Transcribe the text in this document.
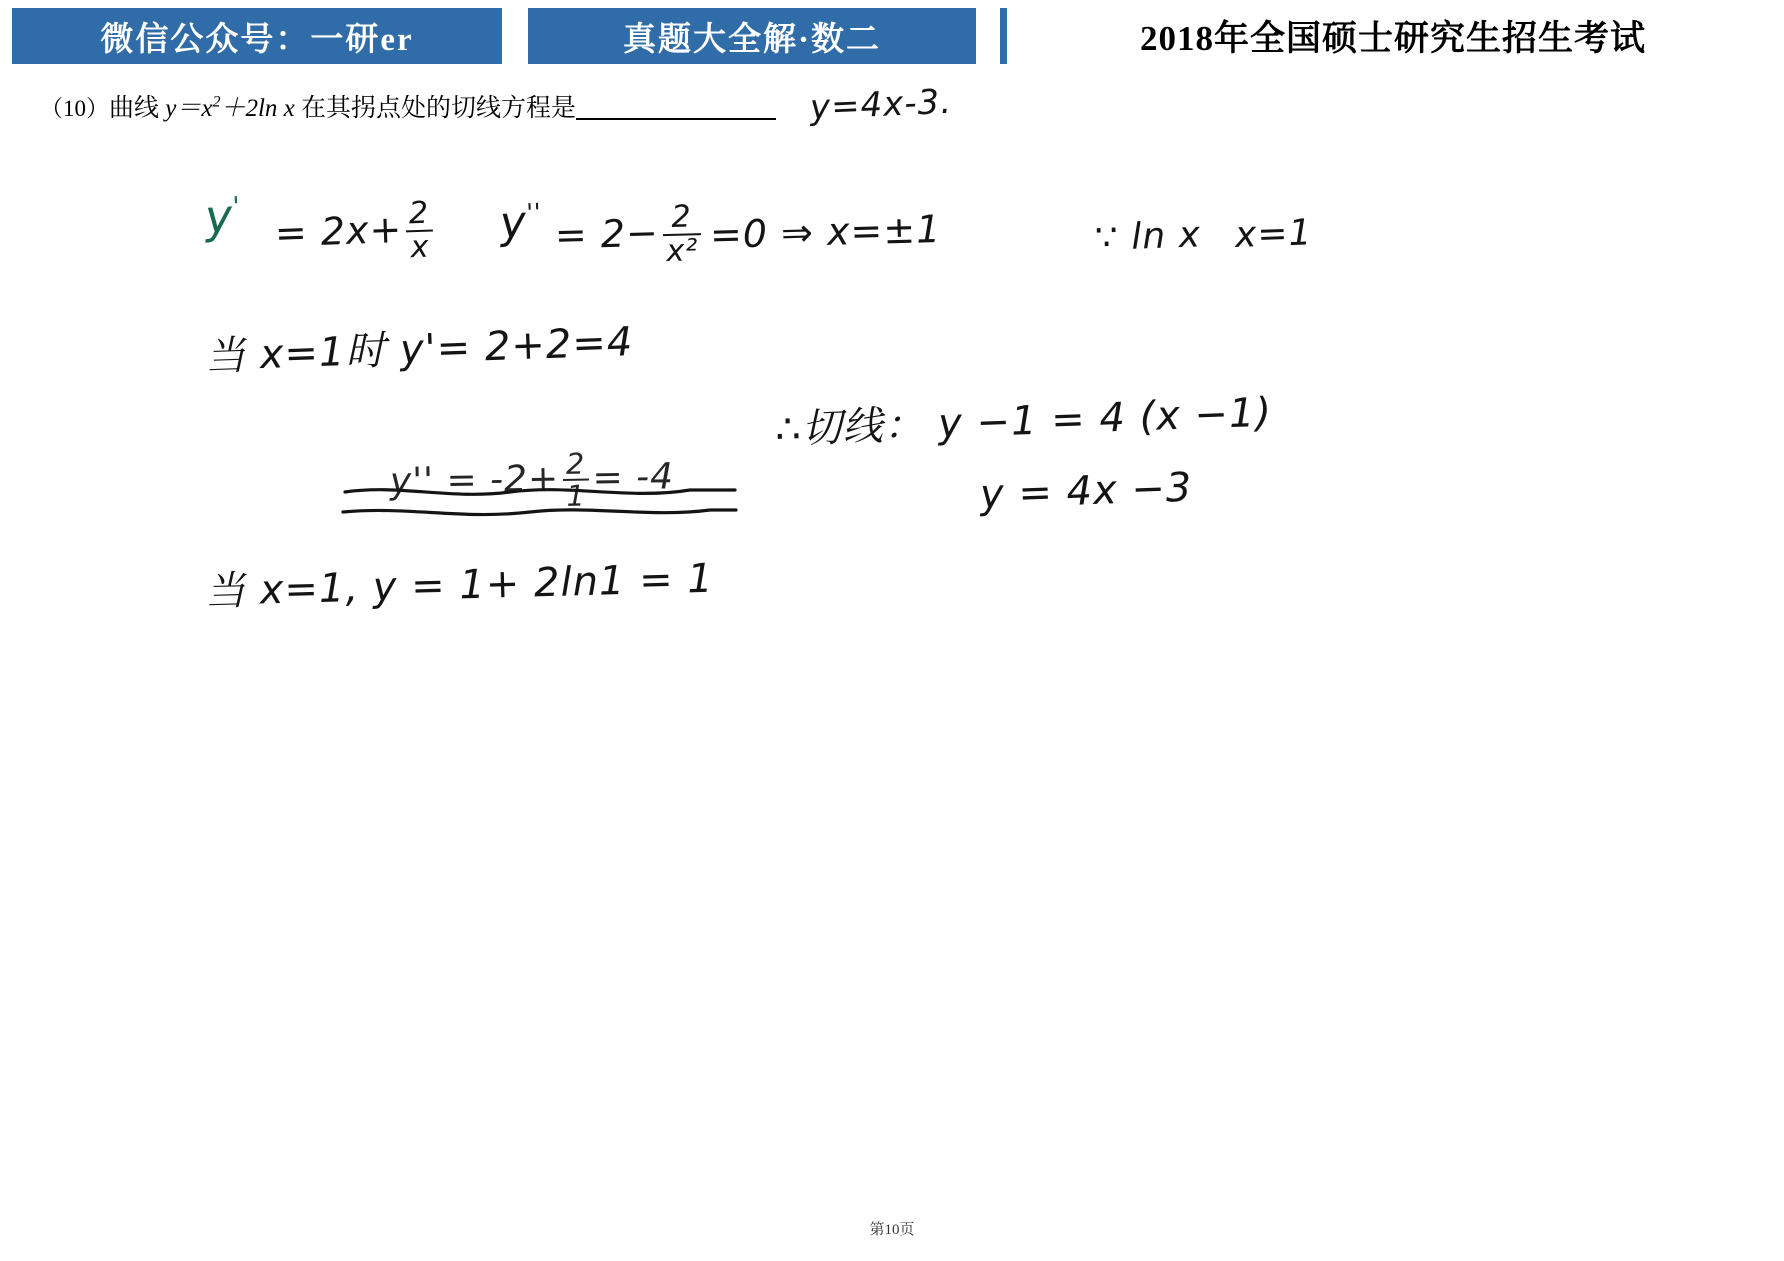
微信公众号：一研er	真题大全解·数二	2018年全国硕士研究生招生考试
（10）曲线 $y=x^2+2\ln$ x 在其拐点处的切线方程是	y=4x-3.
$y' = 2x+ \frac{2}{x} y'' = 2- \frac{2}{\text{x²}} =0$ ⇒ x=±1	∵ ln x x=1
当 x=1时 y'= 2+2=4
$y'' = -2+ \frac{2}{1} = -4$
当 x=1, y = 1+ 2ln1 = 1
∴切线： y −1 = 4 (x −1)
y = 4x −3
第10页
